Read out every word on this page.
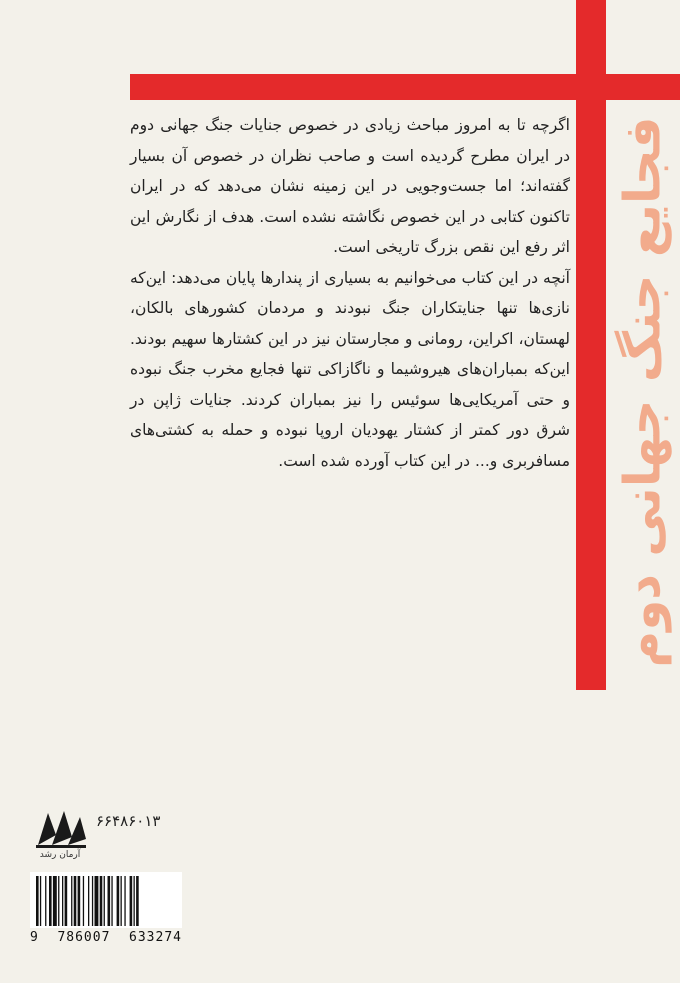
فجایع جنگ جهانی دوم

اگرچه تا به امروز مباحث زیادی در خصوص جنایات جنگ جهانی دوم در ایران مطرح گردیده است و صاحب نظران در خصوص آن بسیار گفته‌اند؛ اما جست‌وجویی در این زمینه نشان می‌دهد که در ایران تاکنون کتابی در این خصوص نگاشته نشده است. هدف از نگارش این اثر رفع این نقص بزرگ تاریخی است.

آنچه در این کتاب می‌خوانیم به بسیاری از پندارها پایان می‌دهد: این‌که نازی‌ها تنها جنایتکاران جنگ نبودند و مردمان کشورهای بالکان، لهستان، اکراین، رومانی و مجارستان نیز در این کشتارها سهیم بودند. این‌که بمباران‌های هیروشیما و ناگازاکی تنها فجایع مخرب جنگ نبوده و حتی آمریکایی‌ها سوئیس را نیز بمباران کردند. جنایات ژاپن در شرق دور کمتر از کشتار یهودیان اروپا نبوده و حمله به کشتی‌های مسافربری و... در این کتاب آورده شده است.

آرمان رشد
۶۶۴۸۶۰۱۳
9 786007 633274
